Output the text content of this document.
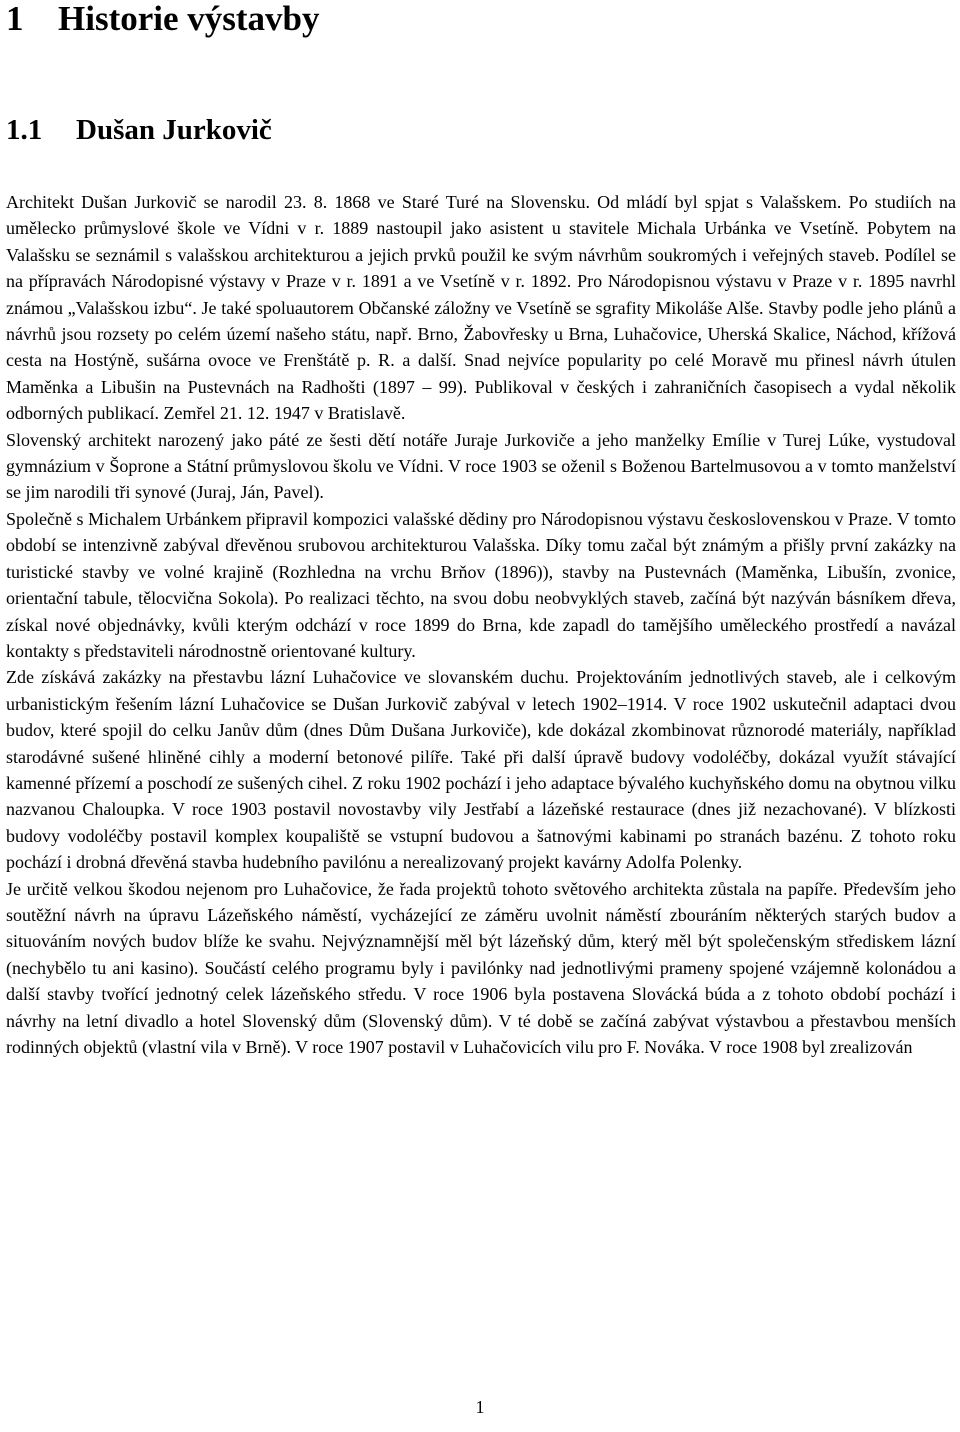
1 Historie výstavby
1.1 Dušan Jurkovič

Architekt Dušan Jurkovič se narodil 23. 8. 1868 ve Staré Turé na Slovensku. Od mládí byl spjat s Valašskem. Po studiích na umělecko průmyslové škole ve Vídni v r. 1889 nastoupil jako asistent u stavitele Michala Urbánka ve Vsetíně. Pobytem na Valašsku se seznámil s valašskou architekturou a jejich prvků použil ke svým návrhům soukromých i veřejných staveb. Podílel se na přípravách Národopisné výstavy v Praze v r. 1891 a ve Vsetíně v r. 1892. Pro Národopisnou výstavu v Praze v r. 1895 navrhl známou „Valašskou izbu“. Je také spoluautorem Občanské záložny ve Vsetíně se sgrafity Mikoláše Alše. Stavby podle jeho plánů a návrhů jsou rozsety po celém území našeho státu, např. Brno, Žabovřesky u Brna, Luhačovice, Uherská Skalice, Náchod, křížová cesta na Hostýně, sušárna ovoce ve Frenštátě p. R. a další. Snad nejvíce popularity po celé Moravě mu přinesl návrh útulen Maměnka a Libušin na Pustevnách na Radhošti (1897 – 99). Publikoval v českých i zahraničních časopisech a vydal několik odborných publikací. Zemřel 21. 12. 1947 v Bratislavě.

Slovenský architekt narozený jako páté ze šesti dětí notáře Juraje Jurkoviče a jeho manželky Emílie v Turej Lúke, vystudoval gymnázium v Šoprone a Státní průmyslovou školu ve Vídni. V roce 1903 se oženil s Boženou Bartelmusovou a v tomto manželství se jim narodili tři synové (Juraj, Ján, Pavel).

Společně s Michalem Urbánkem připravil kompozici valašské dědiny pro Národopisnou výstavu československou v Praze. V tomto období se intenzivně zabýval dřevěnou srubovou architekturou Valašska. Díky tomu začal být známým a přišly první zakázky na turistické stavby ve volné krajině (Rozhledna na vrchu Brňov (1896)), stavby na Pustevnách (Maměnka, Libušín, zvonice, orientační tabule, tělocvična Sokola). Po realizaci těchto, na svou dobu neobvyklých staveb, začíná být nazýván básníkem dřeva, získal nové objednávky, kvůli kterým odchází v roce 1899 do Brna, kde zapadl do tamějšího uměleckého prostředí a navázal kontakty s představiteli národnostně orientované kultury.

Zde získává zakázky na přestavbu lázní Luhačovice ve slovanském duchu. Projektováním jednotlivých staveb, ale i celkovým urbanistickým řešením lázní Luhačovice se Dušan Jurkovič zabýval v letech 1902–1914. V roce 1902 uskutečnil adaptaci dvou budov, které spojil do celku Janův dům (dnes Dům Dušana Jurkoviče), kde dokázal zkombinovat různorodé materiály, například starodávné sušené hliněné cihly a moderní betonové pilíře. Také při další úpravě budovy vodoléčby, dokázal využít stávající kamenné přízemí a poschodí ze sušených cihel. Z roku 1902 pochází i jeho adaptace bývalého kuchyňského domu na obytnou vilku nazvanou Chaloupka. V roce 1903 postavil novostavby vily Jestřabí a lázeňské restaurace (dnes již nezachované). V blízkosti budovy vodoléčby postavil komplex koupaliště se vstupní budovou a šatnovými kabinami po stranách bazénu. Z tohoto roku pochází i drobná dřevěná stavba hudebního pavilónu a nerealizovaný projekt kavárny Adolfa Polenky.

Je určitě velkou škodou nejenom pro Luhačovice, že řada projektů tohoto světového architekta zůstala na papíře. Především jeho soutěžní návrh na úpravu Lázeňského náměstí, vycházející ze záměru uvolnit náměstí zbouráním některých starých budov a situováním nových budov blíže ke svahu. Nejvýznamnější měl být lázeňský dům, který měl být společenským střediskem lázní (nechybělo tu ani kasino). Součástí celého programu byly i pavilónky nad jednotlivými prameny spojené vzájemně kolonádou a další stavby tvořící jednotný celek lázeňského středu. V roce 1906 byla postavena Slovácká búda a z tohoto období pochází i návrhy na letní divadlo a hotel Slovenský dům (Slovenský dům). V té době se začíná zabývat výstavbou a přestavbou menších rodinných objektů (vlastní vila v Brně). V roce 1907 postavil v Luhačovicích vilu pro F. Nováka. V roce 1908 byl zrealizován

1
